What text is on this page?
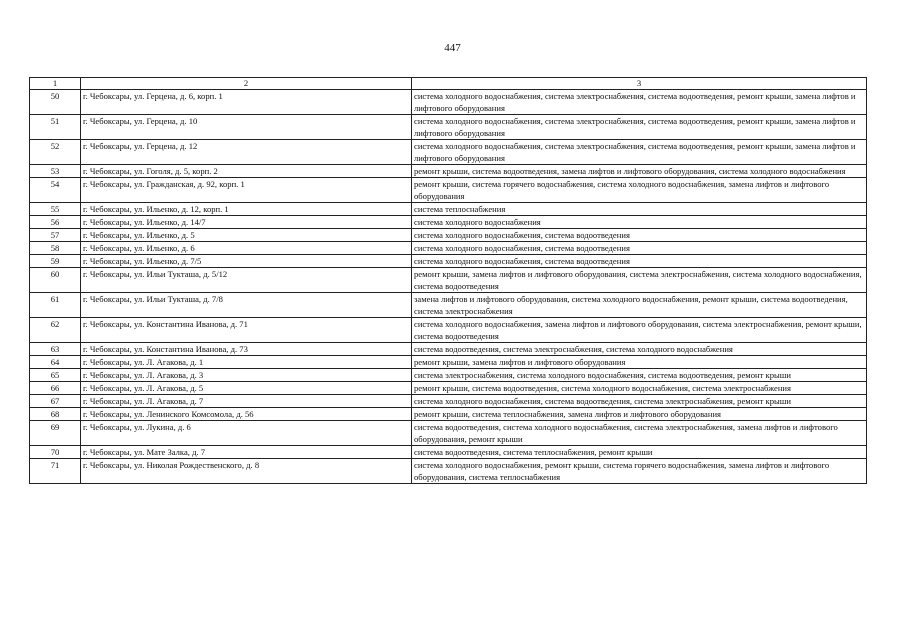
447
1	2	3
50	г. Чебоксары, ул. Герцена, д. 6, корп. 1	система холодного водоснабжения, система электроснабжения, система водоотведения, ремонт крыши, замена лифтов и лифтового оборудования
51	г. Чебоксары, ул. Герцена, д. 10	система холодного водоснабжения, система электроснабжения, система водоотведения, ремонт крыши, замена лифтов и лифтового оборудования
52	г. Чебоксары, ул. Герцена, д. 12	система холодного водоснабжения, система электроснабжения, система водоотведения, ремонт крыши, замена лифтов и лифтового оборудования
53	г. Чебоксары, ул. Гоголя, д. 5, корп. 2	ремонт крыши, система водоотведения, замена лифтов и лифтового оборудования, система холодного водоснабжения
54	г. Чебоксары, ул. Гражданская, д. 92, корп. 1	ремонт крыши, система горячего водоснабжения, система холодного водоснабжения, замена лифтов и лифтового оборудования
55	г. Чебоксары, ул. Ильенко, д. 12, корп. 1	система теплоснабжения
56	г. Чебоксары, ул. Ильенко, д. 14/7	система холодного водоснабжения
57	г. Чебоксары, ул. Ильенко, д. 5	система холодного водоснабжения, система водоотведения
58	г. Чебоксары, ул. Ильенко, д. 6	система холодного водоснабжения, система водоотведения
59	г. Чебоксары, ул. Ильенко, д. 7/5	система холодного водоснабжения, система водоотведения
60	г. Чебоксары, ул. Ильи Тукташа, д. 5/12	ремонт крыши, замена лифтов и лифтового оборудования, система электроснабжения, система холодного водоснабжения, система водоотведения
61	г. Чебоксары, ул. Ильи Тукташа, д. 7/8	замена лифтов и лифтового оборудования, система холодного водоснабжения, ремонт крыши, система водоотведения, система электроснабжения
62	г. Чебоксары, ул. Константина Иванова, д. 71	система холодного водоснабжения, замена лифтов и лифтового оборудования, система электроснабжения, ремонт крыши, система водоотведения
63	г. Чебоксары, ул. Константина Иванова, д. 73	система водоотведения, система электроснабжения, система холодного водоснабжения
64	г. Чебоксары, ул. Л. Агакова, д. 1	ремонт крыши, замена лифтов и лифтового оборудования
65	г. Чебоксары, ул. Л. Агакова, д. 3	система электроснабжения, система холодного водоснабжения, система водоотведения, ремонт крыши
66	г. Чебоксары, ул. Л. Агакова, д. 5	ремонт крыши, система водоотведения, система холодного водоснабжения, система электроснабжения
67	г. Чебоксары, ул. Л. Агакова, д. 7	система холодного водоснабжения, система водоотведения, система электроснабжения, ремонт крыши
68	г. Чебоксары, ул. Ленинского Комсомола, д. 56	ремонт крыши, система теплоснабжения, замена лифтов и лифтового оборудования
69	г. Чебоксары, ул. Лукина, д. 6	система водоотведения, система холодного водоснабжения, система электроснабжения, замена лифтов и лифтового оборудования, ремонт крыши
70	г. Чебоксары, ул. Мате Залка, д. 7	система водоотведения, система теплоснабжения, ремонт крыши
71	г. Чебоксары, ул. Николая Рождественского, д. 8	система холодного водоснабжения, ремонт крыши, система горячего водоснабжения, замена лифтов и лифтового оборудования, система теплоснабжения
